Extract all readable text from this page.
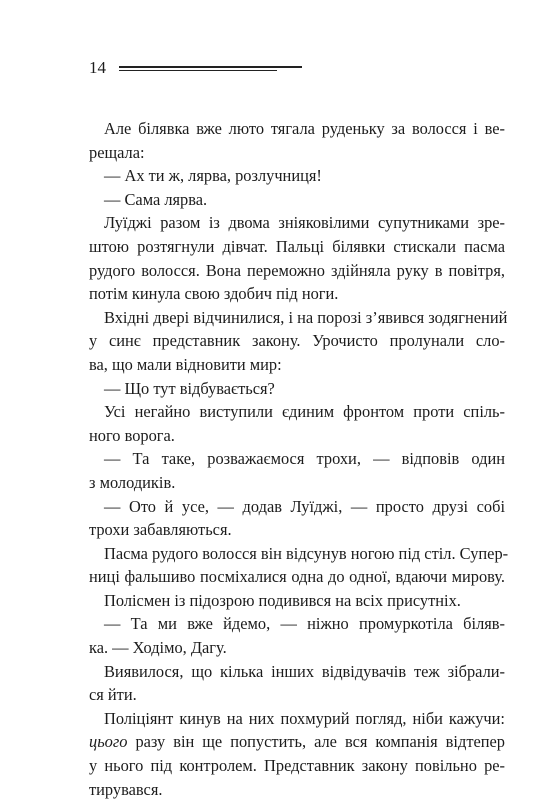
14
Але білявка вже люто тягала руденьку за волосся і ве-
рещала:
— Ах ти ж, лярва, розлучниця!
— Сама лярва.
Луїджі разом із двома зніяковілими супутниками зре-
штою розтягнули дівчат. Пальці білявки стискали пасма
рудого волосся. Вона переможно здійняла руку в повітря,
потім кинула свою здобич під ноги.
Вхідні двері відчинилися, і на порозі з’явився зодягнений
у синє представник закону. Урочисто пролунали сло-
ва, що мали відновити мир:
— Що тут відбувається?
Усі негайно виступили єдиним фронтом проти спіль-
ного ворога.
— Та таке, розважаємося трохи, — відповів один
з молодиків.
— Ото й усе, — додав Луїджі, — просто друзі собі
трохи забавляються.
Пасма рудого волосся він відсунув ногою під стіл. Супер-
ниці фальшиво посміхалися одна до одної, вдаючи мирову.
Полісмен із підозрою подивився на всіх присутніх.
— Та ми вже йдемо, — ніжно промуркотіла біляв-
ка. — Ходімо, Дагу.
Виявилося, що кілька інших відвідувачів теж зібрали-
ся йти.
Поліціянт кинув на них похмурий погляд, ніби кажучи:
цього разу він ще попустить, але вся компанія відтепер
у нього під контролем. Представник закону повільно ре-
тирувався.
